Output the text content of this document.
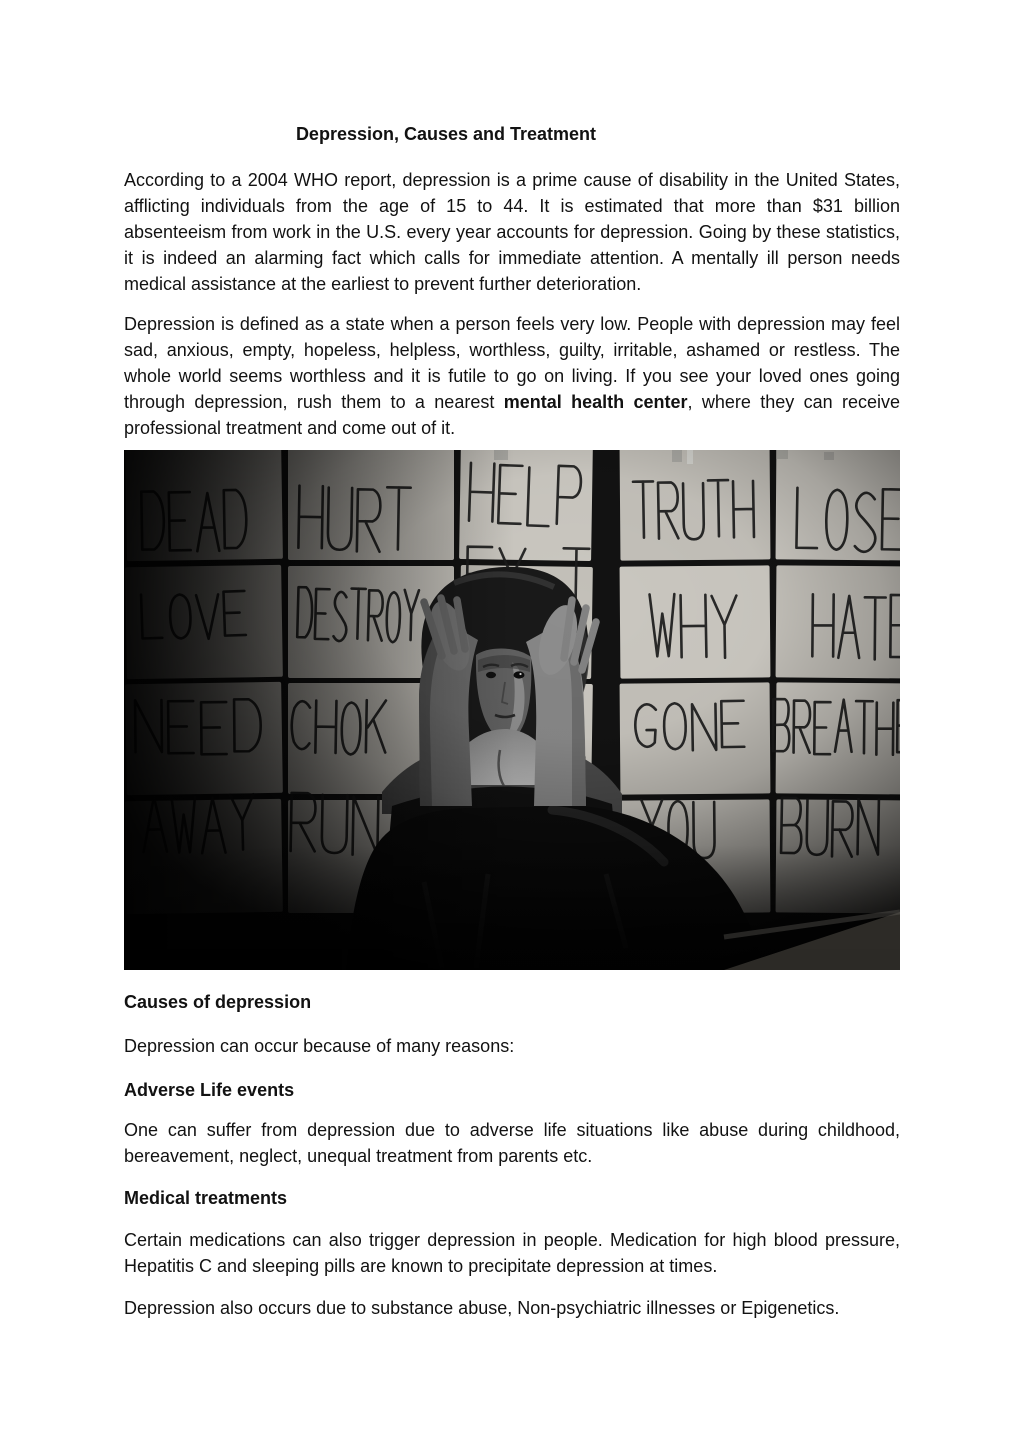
Depression, Causes and Treatment

According to a 2004 WHO report, depression is a prime cause of disability in the United States, afflicting individuals from the age of 15 to 44. It is estimated that more than $31 billion absenteeism from work in the U.S. every year accounts for depression. Going by these statistics, it is indeed an alarming fact which calls for immediate attention. A mentally ill person needs medical assistance at the earliest to prevent further deterioration.

Depression is defined as a state when a person feels very low. People with depression may feel sad, anxious, empty, hopeless, helpless, worthless, guilty, irritable, ashamed or restless. The whole world seems worthless and it is futile to go on living. If you see your loved ones going through depression, rush them to a nearest mental health center, where they can receive professional treatment and come out of it.

Causes of depression

Depression can occur because of many reasons:

Adverse Life events

One can suffer from depression due to adverse life situations like abuse during childhood, bereavement, neglect, unequal treatment from parents etc.

Medical treatments

Certain medications can also trigger depression in people. Medication for high blood pressure, Hepatitis C and sleeping pills are known to precipitate depression at times.

Depression also occurs due to substance abuse, Non-psychiatric illnesses or Epigenetics.
